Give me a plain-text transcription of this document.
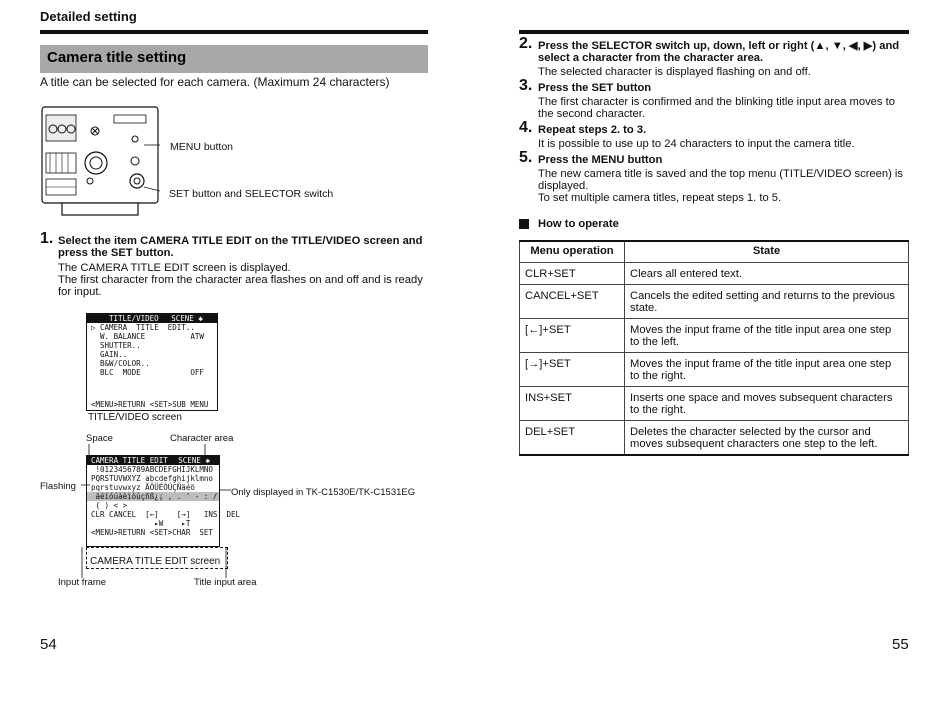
Detailed setting
Camera title setting
A title can be selected for each camera. (Maximum 24 characters)
MENU button
SET button and SELECTOR switch
1. Select the item CAMERA TITLE EDIT on the TITLE/VIDEO screen and
press the SET button.
The CAMERA TITLE EDIT screen is displayed.
The first character from the character area flashes on and off and is ready
for input.
TITLE/VIDEO SCENE ✱
▷ CAMERA  TITLE  EDIT..
W. BALANCE          ATW
SHUTTER..
GAIN..
B&W/COLOR..
BLC  MODE           OFF
<MENU>RETURN <SET>SUB MENU
TITLE/VIDEO screen
Space	Character area
Flashing
Only displayed in TK-C1530E/TK-C1531EG
CAMERA TITLE EDIT SCENE ✱
!0123456789ABCDEFGHIJKLMNO
PQRSTUVWXYZ abcdefghijklmno
pqrstuvwxyz ÄÖÜÉÓÚÇÑäéö
äéíóúàèìòùçñß¿¡ , . ' - : /
( ) < >
CLR CANCEL  [←]    [→]   INS  DEL
▸W    ▸T
<MENU>RETURN <SET>CHAR  SET
CAMERA TITLE EDIT screen
Input frame	Title input area
54
2. Press the SELECTOR switch up, down, left or right (▲, ▼, ◀, ▶) and
select a character from the character area.
The selected character is displayed flashing on and off.
3. Press the SET button
The first character is confirmed and the blinking title input area moves to
the second character.
4. Repeat steps 2. to 3.
It is possible to use up to 24 characters to input the camera title.
5. Press the MENU button
The new camera title is saved and the top menu (TITLE/VIDEO screen) is
displayed.
To set multiple camera titles, repeat steps 1. to 5.
How to operate
Menu operation	State
CLR+SET	Clears all entered text.

CANCEL+SET	Cancels the edited setting and returns to the previous
state.

[←]+SET	Moves the input frame of the title input area one step
to the left.

[→]+SET	Moves the input frame of the title input area one step
to the right.

INS+SET	Inserts one space and moves subsequent characters
to the right.

DEL+SET	Deletes the character selected by the cursor and
moves subsequent characters one step to the left.
55
